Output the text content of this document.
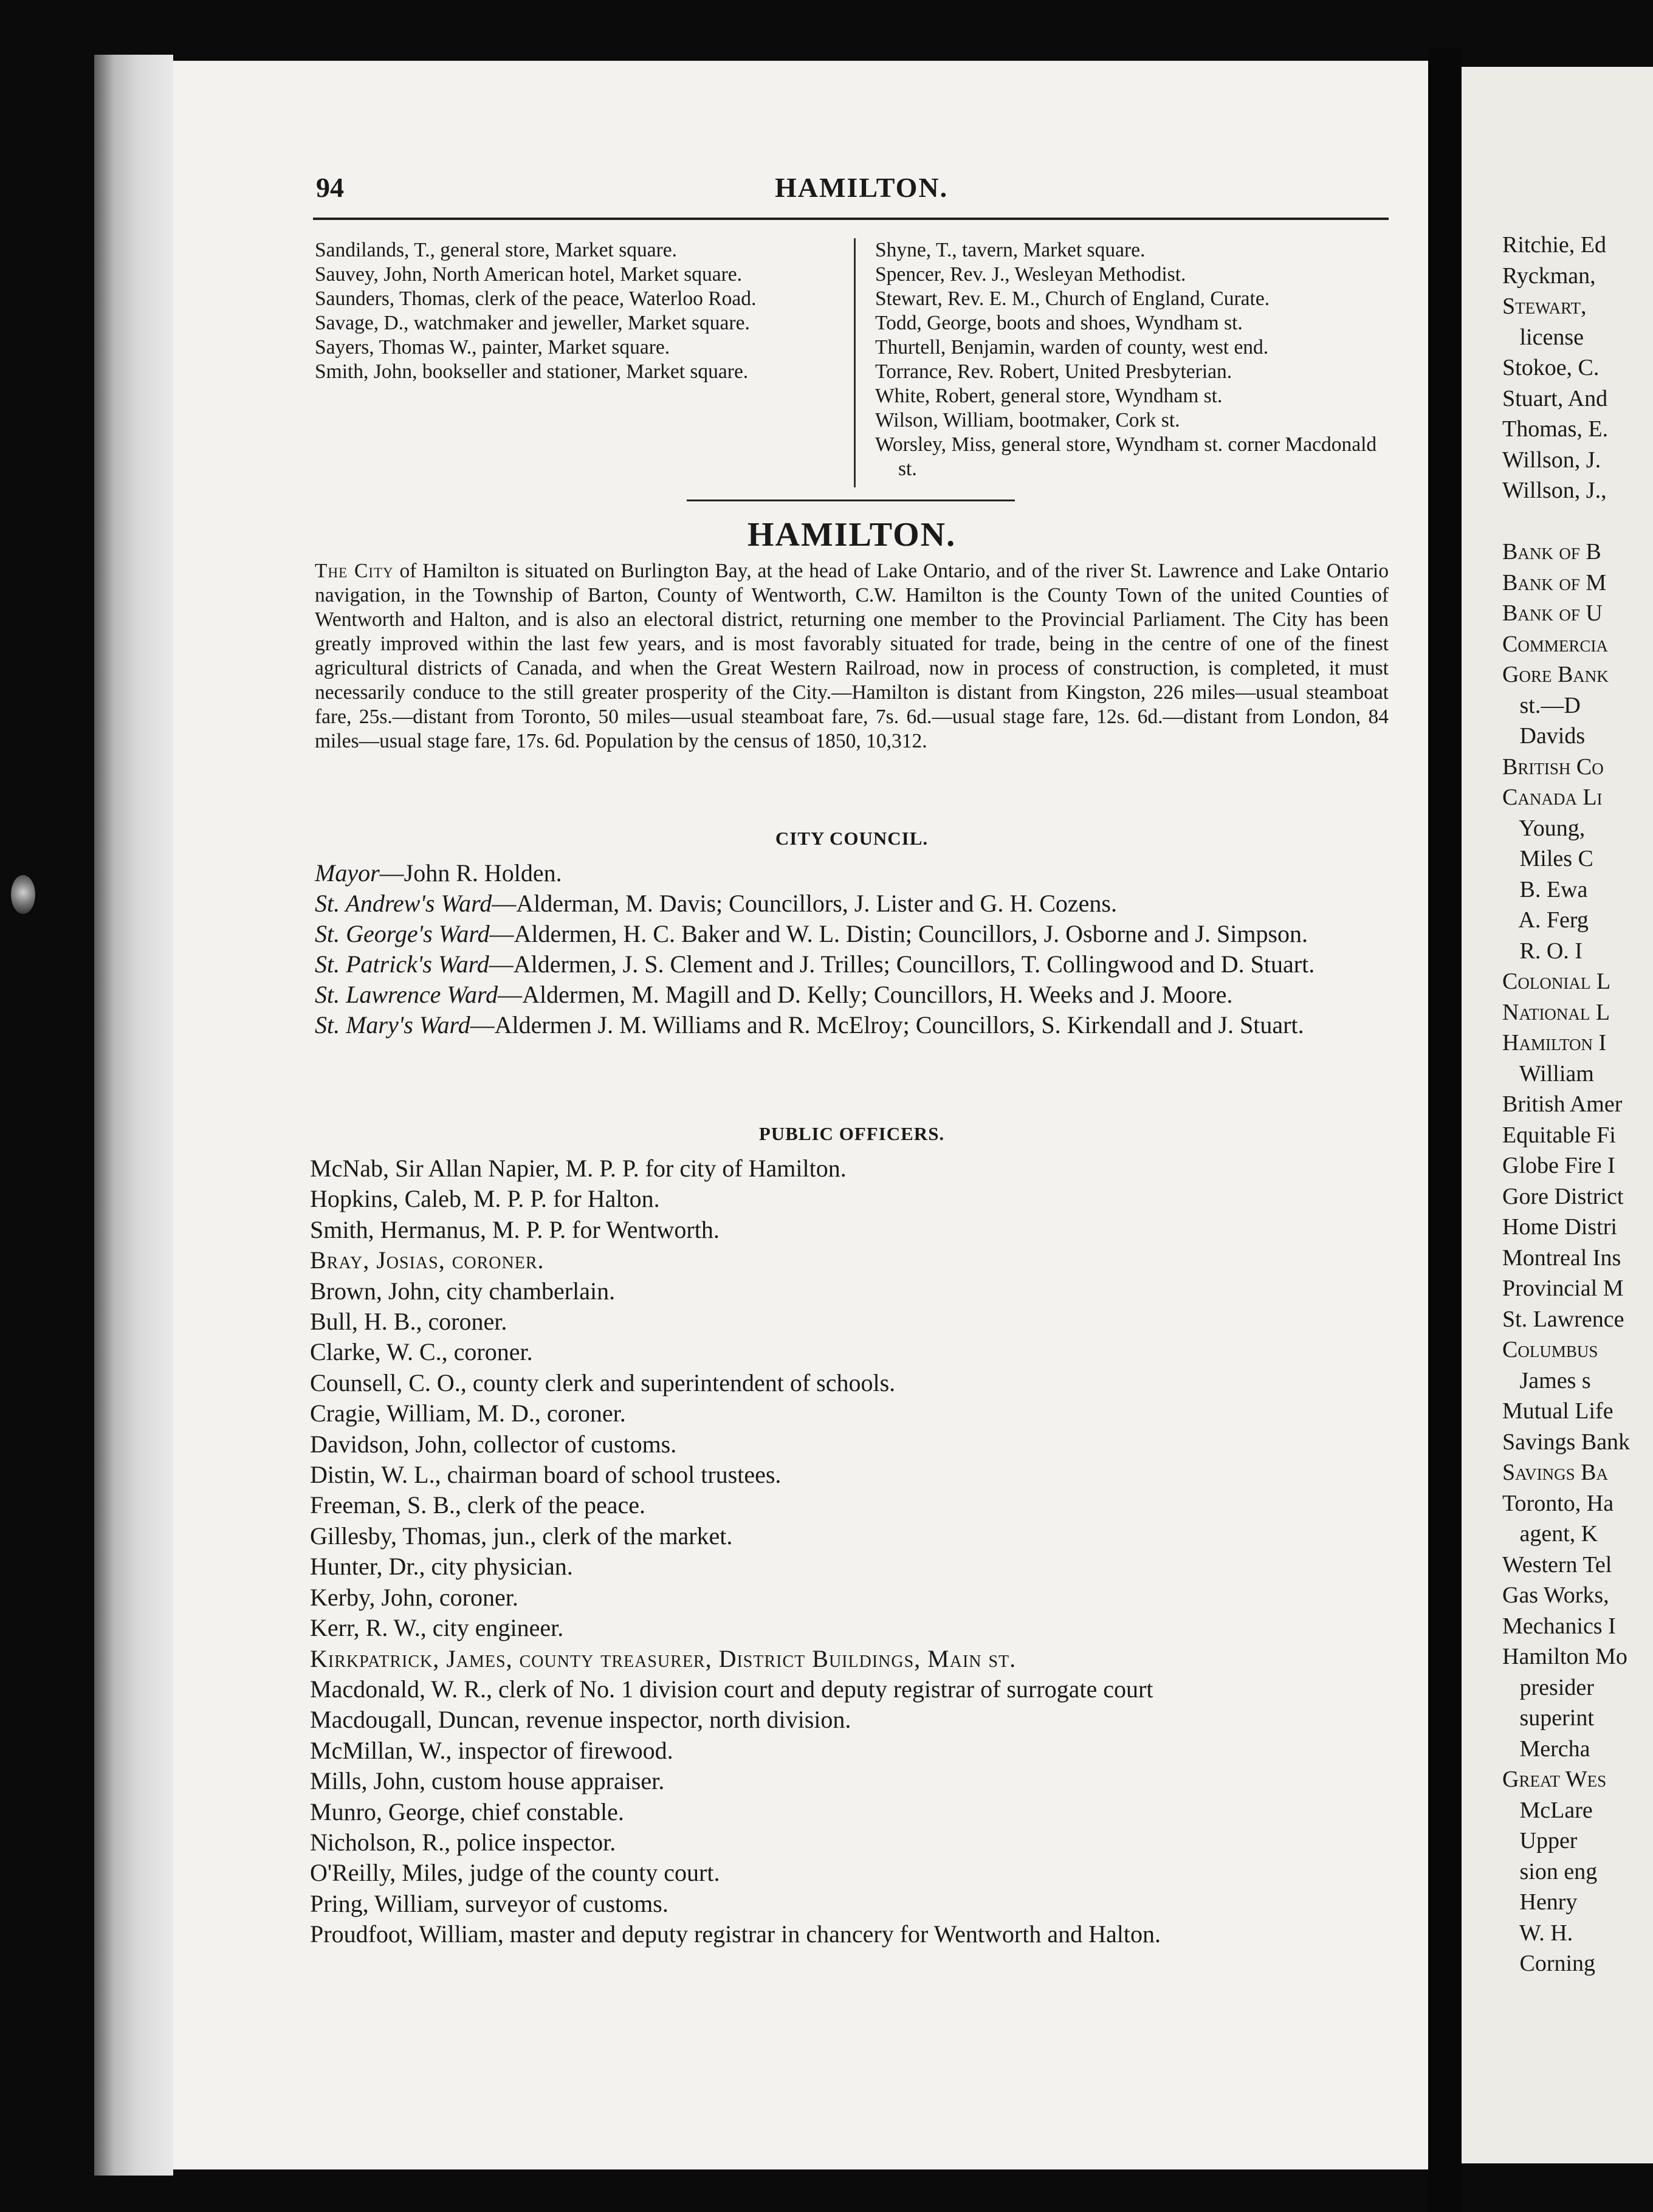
94	HAMILTON.
Sandilands, T., general store, Market square.
Sauvey, John, North American hotel, Market square.
Saunders, Thomas, clerk of the peace, Waterloo Road.
Savage, D., watchmaker and jeweller, Market square.
Sayers, Thomas W., painter, Market square.
Smith, John, bookseller and stationer, Market square.
Shyne, T., tavern, Market square.
Spencer, Rev. J., Wesleyan Methodist.
Stewart, Rev. E. M., Church of England, Curate.
Todd, George, boots and shoes, Wyndham st.
Thurtell, Benjamin, warden of county, west end.
Torrance, Rev. Robert, United Presbyterian.
White, Robert, general store, Wyndham st.
Wilson, William, bootmaker, Cork st.
Worsley, Miss, general store, Wyndham st. corner Macdonald st.
HAMILTON.
The City of Hamilton is situated on Burlington Bay, at the head of Lake Ontario, and of the river St. Lawrence and Lake Ontario navigation, in the Township of Barton, County of Wentworth, C.W. Hamilton is the County Town of the united Counties of Wentworth and Halton, and is also an electoral district, returning one member to the Provincial Parliament. The City has been greatly improved within the last few years, and is most favorably situated for trade, being in the centre of one of the finest agricultural districts of Canada, and when the Great Western Railroad, now in process of construction, is completed, it must necessarily conduce to the still greater prosperity of the City.—Hamilton is distant from Kingston, 226 miles—usual steamboat fare, 25s.—distant from Toronto, 50 miles—usual steamboat fare, 7s. 6d.—usual stage fare, 12s. 6d.—distant from London, 84 miles—usual stage fare, 17s. 6d. Population by the census of 1850, 10,312.
CITY COUNCIL.
Mayor—John R. Holden.
St. Andrew's Ward—Alderman, M. Davis; Councillors, J. Lister and G. H. Cozens.
St. George's Ward—Aldermen, H. C. Baker and W. L. Distin; Councillors, J. Osborne and J. Simpson.
St. Patrick's Ward—Aldermen, J. S. Clement and J. Trilles; Councillors, T. Collingwood and D. Stuart.
St. Lawrence Ward—Aldermen, M. Magill and D. Kelly; Councillors, H. Weeks and J. Moore.
St. Mary's Ward—Aldermen J. M. Williams and R. McElroy; Councillors, S. Kirkendall and J. Stuart.
PUBLIC OFFICERS.
McNab, Sir Allan Napier, M. P. P. for city of Hamilton.
Hopkins, Caleb, M. P. P. for Halton.
Smith, Hermanus, M. P. P. for Wentworth.
Bray, Josias, coroner.
Brown, John, city chamberlain.
Bull, H. B., coroner.
Clarke, W. C., coroner.
Counsell, C. O., county clerk and superintendent of schools.
Cragie, William, M. D., coroner.
Davidson, John, collector of customs.
Distin, W. L., chairman board of school trustees.
Freeman, S. B., clerk of the peace.
Gillesby, Thomas, jun., clerk of the market.
Hunter, Dr., city physician.
Kerby, John, coroner.
Kerr, R. W., city engineer.
Kirkpatrick, James, county treasurer, District Buildings, Main st.
Macdonald, W. R., clerk of No. 1 division court and deputy registrar of surrogate court
Macdougall, Duncan, revenue inspector, north division.
McMillan, W., inspector of firewood.
Mills, John, custom house appraiser.
Munro, George, chief constable.
Nicholson, R., police inspector.
O'Reilly, Miles, judge of the county court.
Pring, William, surveyor of customs.
Proudfoot, William, master and deputy registrar in chancery for Wentworth and Halton.
Ritchie, Ed
Ryckman,
Stewart,
license
Stokoe, C.
Stuart, And
Thomas, E.
Willson, J.
Willson, J.,
Bank of B
Bank of M
Bank of U
Commercia
Gore Bank
st.—D
Davids
British Co
Canada Li
Young,
Miles C
B. Ewa
A. Ferg
R. O. I
Colonial L
National L
Hamilton I
William
British Amer
Equitable Fi
Globe Fire I
Gore District
Home Distri
Montreal Ins
Provincial M
St. Lawrence
Columbus
James s
Mutual Life
Savings Bank
Savings Ba
Toronto, Ha
agent, K
Western Tel
Gas Works,
Mechanics I
Hamilton Mo
presider
superint
Mercha
Great Wes
McLare
Upper
sion eng
Henry
W. H.
Corning
